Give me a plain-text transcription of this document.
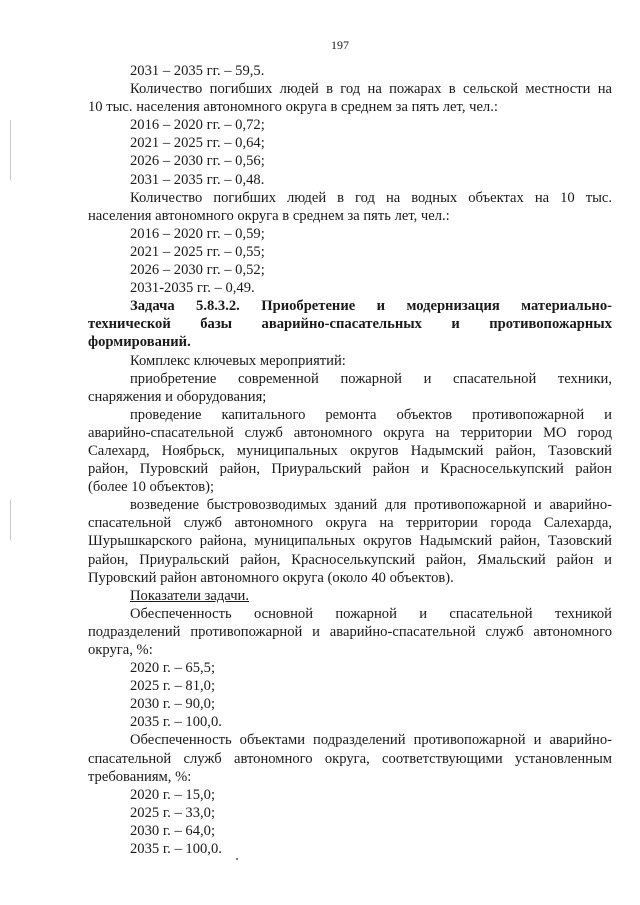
197
2031 – 2035 гг. – 59,5.
Количество погибших людей в год на пожарах в сельской местности на
10 тыс. населения автономного округа в среднем за пять лет, чел.:
2016 – 2020 гг. – 0,72;
2021 – 2025 гг. – 0,64;
2026 – 2030 гг. – 0,56;
2031 – 2035 гг. – 0,48.
Количество погибших людей в год на водных объектах на 10 тыс.
населения автономного округа в среднем за пять лет, чел.:
2016 – 2020 гг. – 0,59;
2021 – 2025 гг. – 0,55;
2026 – 2030 гг. – 0,52;
2031-2035 гг. – 0,49.
Задача 5.8.3.2. Приобретение и модернизация материально-
технической базы аварийно-спасательных и противопожарных
формирований.
Комплекс ключевых мероприятий:
приобретение современной пожарной и спасательной техники,
снаряжения и оборудования;
проведение капитального ремонта объектов противопожарной и
аварийно-спасательной служб автономного округа на территории МО город
Салехард, Ноябрьск, муниципальных округов Надымский район, Тазовский
район, Пуровский район, Приуральский район и Красноселькупский район
(более 10 объектов);
возведение быстровозводимых зданий для противопожарной и аварийно-
спасательной служб автономного округа на территории города Салехарда,
Шурышкарского района, муниципальных округов Надымский район, Тазовский
район, Приуральский район, Красноселькупский район, Ямальский район и
Пуровский район автономного округа (около 40 объектов).
Показатели задачи.
Обеспеченность основной пожарной и спасательной техникой
подразделений противопожарной и аварийно-спасательной служб автономного
округа, %:
2020 г. – 65,5;
2025 г. – 81,0;
2030 г. – 90,0;
2035 г. – 100,0.
Обеспеченность объектами подразделений противопожарной и аварийно-
спасательной служб автономного округа, соответствующими установленным
требованиям, %:
2020 г. – 15,0;
2025 г. – 33,0;
2030 г. – 64,0;
2035 г. – 100,0.
